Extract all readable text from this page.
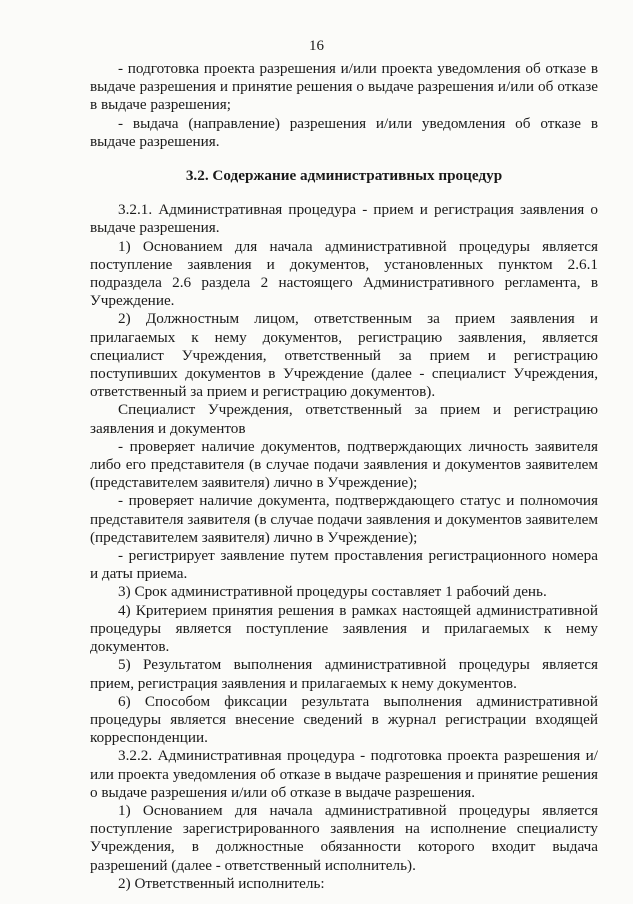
16

- подготовка проекта разрешения и/или проекта уведомления об отказе в выдаче разрешения и принятие решения о выдаче разрешения и/или об отказе в выдаче разрешения;

- выдача (направление) разрешения и/или уведомления об отказе в выдаче разрешения.

3.2. Содержание административных процедур

3.2.1. Административная процедура - прием и регистрация заявления о выдаче разрешения.

1) Основанием для начала административной процедуры является поступление заявления и документов, установленных пунктом 2.6.1 подраздела 2.6 раздела 2 настоящего Административного регламента, в Учреждение.

2) Должностным лицом, ответственным за прием заявления и прилагаемых к нему документов, регистрацию заявления, является специалист Учреждения, ответственный за прием и регистрацию поступивших документов в Учреждение (далее - специалист Учреждения, ответственный за прием и регистрацию документов).

Специалист Учреждения, ответственный за прием и регистрацию заявления и документов

- проверяет наличие документов, подтверждающих личность заявителя либо его представителя (в случае подачи заявления и документов заявителем (представителем заявителя) лично в Учреждение);

- проверяет наличие документа, подтверждающего статус и полномочия представителя заявителя (в случае подачи заявления и документов заявителем (представителем заявителя) лично в Учреждение);

- регистрирует заявление путем проставления регистрационного номера и даты приема.

3) Срок административной процедуры составляет 1 рабочий день.

4) Критерием принятия решения в рамках настоящей административной процедуры является поступление заявления и прилагаемых к нему документов.

5) Результатом выполнения административной процедуры является прием, регистрация заявления и прилагаемых к нему документов.

6) Способом фиксации результата выполнения административной процедуры является внесение сведений в журнал регистрации входящей корреспонденции.

3.2.2. Административная процедура - подготовка проекта разрешения и/или проекта уведомления об отказе в выдаче разрешения и принятие решения о выдаче разрешения и/или об отказе в выдаче разрешения.

1) Основанием для начала административной процедуры является поступление зарегистрированного заявления на исполнение специалисту Учреждения, в должностные обязанности которого входит выдача разрешений (далее - ответственный исполнитель).

2) Ответственный исполнитель:
